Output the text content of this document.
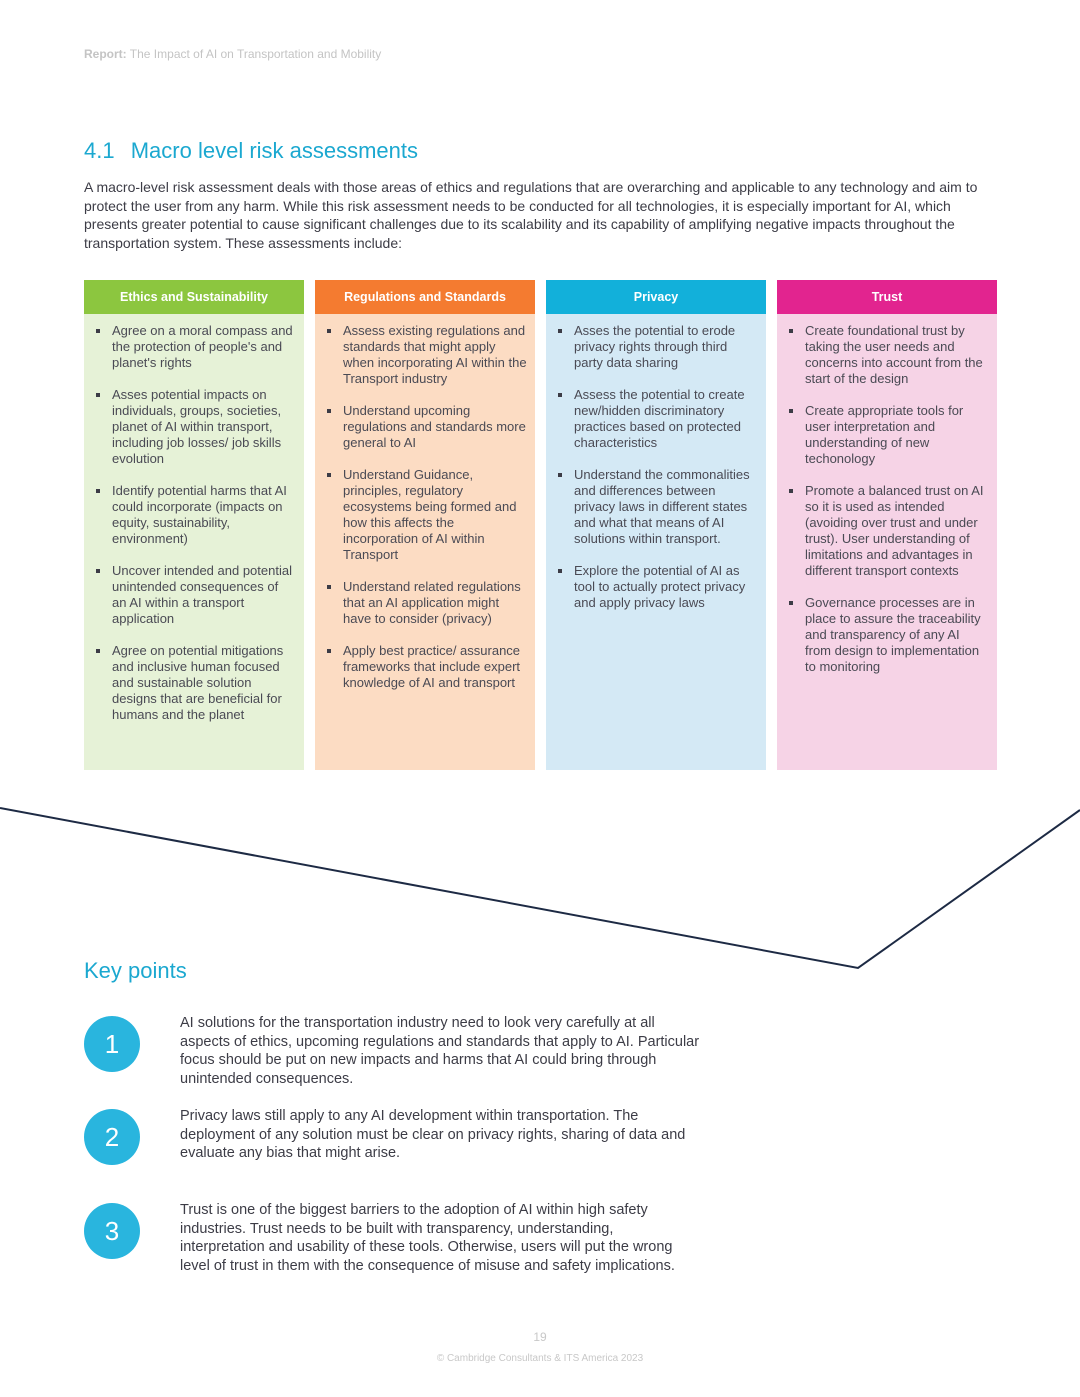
Report: The Impact of AI on Transportation and Mobility
4.1 Macro level risk assessments

A macro-level risk assessment deals with those areas of ethics and regulations that are overarching and applicable to any technology and aim to protect the user from any harm. While this risk assessment needs to be conducted for all technologies, it is especially important for AI, which presents greater potential to cause significant challenges due to its scalability and its capability of amplifying negative impacts throughout the transportation system. These assessments include:

Ethics and Sustainability
Agree on a moral compass and the protection of people's and planet's rights
Asses potential impacts on individuals, groups, societies, planet of AI within transport, including job losses/ job skills evolution
Identify potential harms that AI could incorporate (impacts on equity, sustainability, environment)
Uncover intended and potential unintended consequences of an AI within a transport application
Agree on potential mitigations and inclusive human focused and sustainable solution designs that are beneficial for humans and the planet
Regulations and Standards
Assess existing regulations and standards that might apply when incorporating AI within the Transport industry
Understand upcoming regulations and standards more general to AI
Understand Guidance, principles, regulatory ecosystems being formed and how this affects the incorporation of AI within Transport
Understand related regulations that an AI application might have to consider (privacy)
Apply best practice/ assurance frameworks that include expert knowledge of AI and transport
Privacy
Asses the potential to erode privacy rights through third party data sharing
Assess the potential to create new/hidden discriminatory practices based on protected characteristics
Understand the commonalities and differences between privacy laws in different states and what that means of AI solutions within transport.
Explore the potential of AI as tool to actually protect privacy and apply privacy laws
Trust
Create foundational trust by taking the user needs and concerns into account from the start of the design
Create appropriate tools for user interpretation and understanding of new techonology
Promote a balanced trust on AI so it is used as intended (avoiding over trust and under trust). User understanding of limitations and advantages in different transport contexts
Governance processes are in place to assure the traceability and transparency of any AI from design to implementation to monitoring
Key points
1

AI solutions for the transportation industry need to look very carefully at all aspects of ethics, upcoming regulations and standards that apply to AI. Particular focus should be put on new impacts and harms that AI could bring through unintended consequences.

2

Privacy laws still apply to any AI development within transportation. The deployment of any solution must be clear on privacy rights, sharing of data and evaluate any bias that might arise.

3

Trust is one of the biggest barriers to the adoption of AI within high safety industries. Trust needs to be built with transparency, understanding, interpretation and usability of these tools. Otherwise, users will put the wrong level of trust in them with the consequence of misuse and safety implications.

19
© Cambridge Consultants & ITS America 2023
